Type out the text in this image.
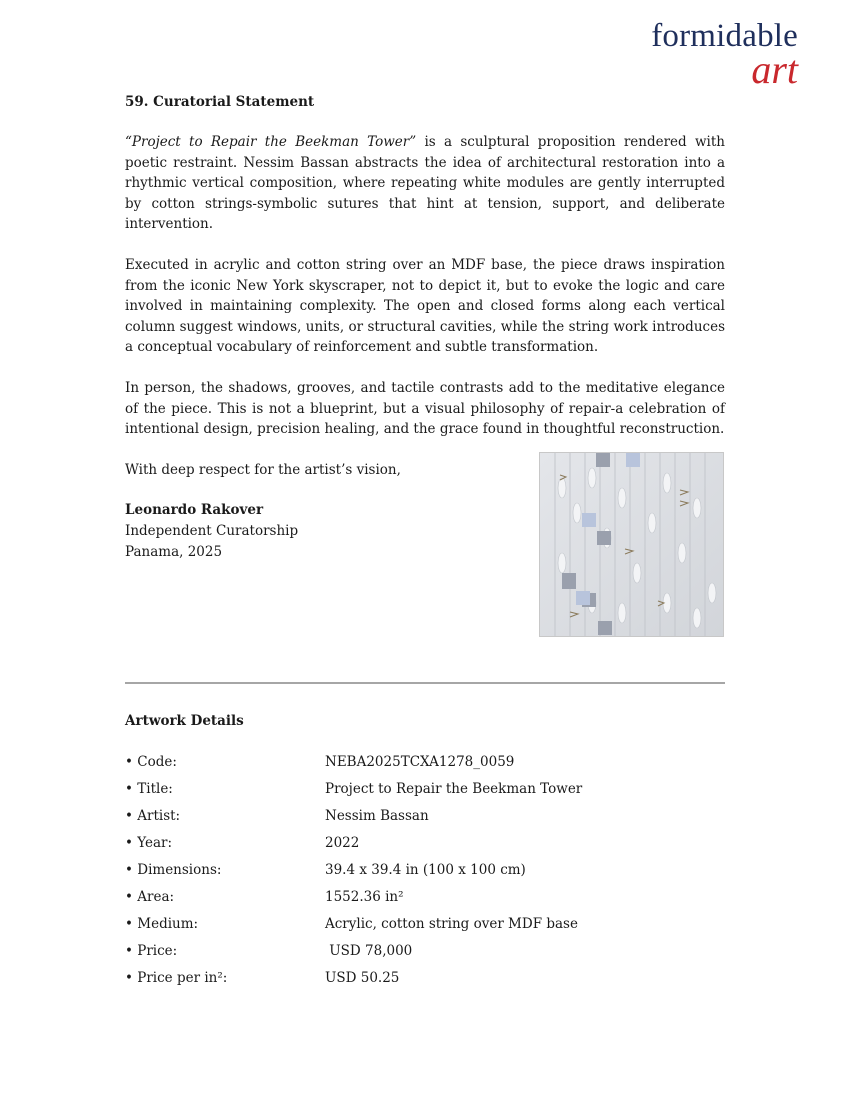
formidable
art
59. Curatorial Statement

“Project to Repair the Beekman Tower” is a sculptural proposition rendered with poetic restraint. Nessim Bassan abstracts the idea of architectural restoration into a rhythmic vertical composition, where repeating white modules are gently interrupted by cotton strings-symbolic sutures that hint at tension, support, and deliberate intervention.

Executed in acrylic and cotton string over an MDF base, the piece draws inspiration from the iconic New York skyscraper, not to depict it, but to evoke the logic and care involved in maintaining complexity. The open and closed forms along each vertical column suggest windows, units, or structural cavities, while the string work introduces a conceptual vocabulary of reinforcement and subtle transformation.

In person, the shadows, grooves, and tactile contrasts add to the meditative elegance of the piece. This is not a blueprint, but a visual philosophy of repair-a celebration of intentional design, precision healing, and the grace found in thoughtful reconstruction.

With deep respect for the artist’s vision,

Leonardo Rakover

Independent Curatorship

Panama, 2025

Artwork Details
• Code:	NEBA2025TCXA1278_0059
• Title:	Project to Repair the Beekman Tower
• Artist:	Nessim Bassan
• Year:	2022
• Dimensions:	39.4 x 39.4 in (100 x 100 cm)
• Area:	1552.36 in²
• Medium:	Acrylic, cotton string over MDF base
• Price:	USD 78,000
• Price per in²:	USD 50.25
